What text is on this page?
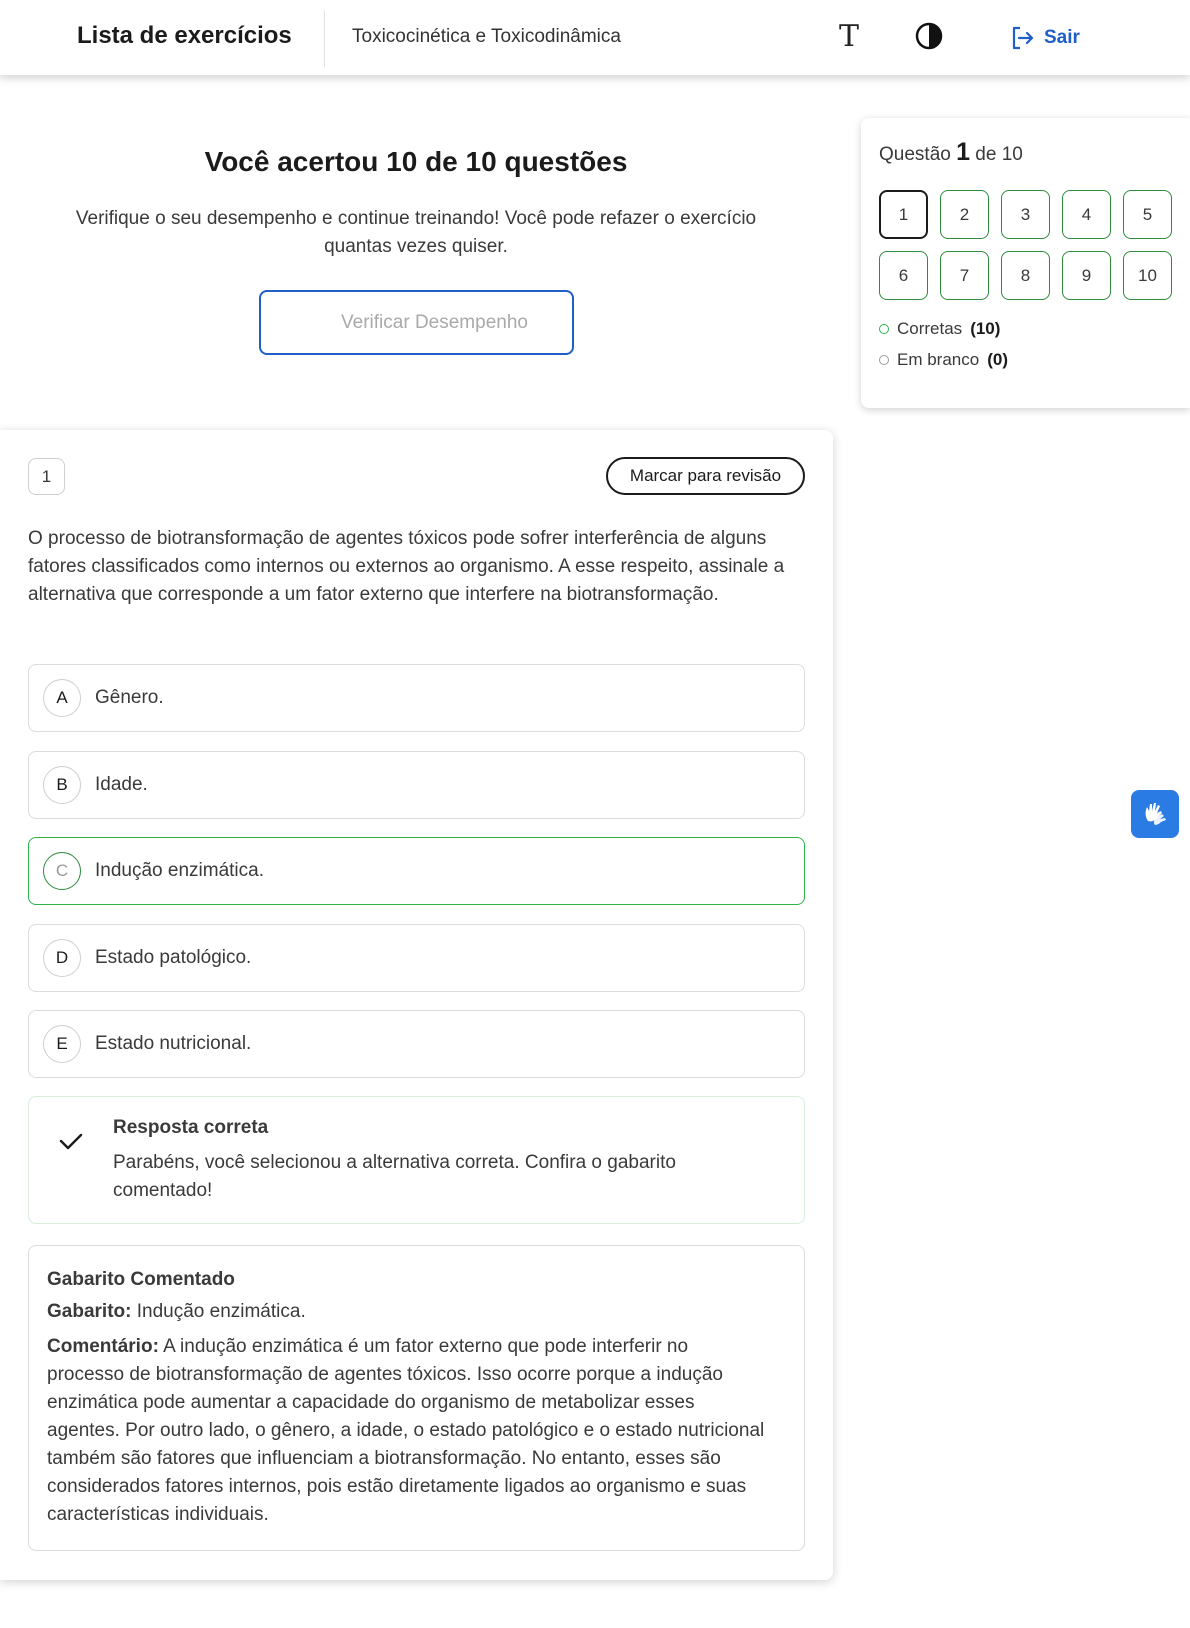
Lista de exercícios	Toxicocinética e Toxicodinâmica	T	Sair
Você acertou 10 de 10 questões
Verifique o seu desempenho e continue treinando! Você pode refazer o exercício quantas vezes quiser.
Verificar Desempenho
Questão 1 de 10
1	2	3	4	5
6	7	8	9	10
Corretas (10)
Em branco (0)
1	Marcar para revisão
O processo de biotransformação de agentes tóxicos pode sofrer interferência de alguns fatores classificados como internos ou externos ao organismo. A esse respeito, assinale a alternativa que corresponde a um fator externo que interfere na biotransformação.
A	Gênero.
B	Idade.
C	Indução enzimática.
D	Estado patológico.
E	Estado nutricional.
Resposta correta
Parabéns, você selecionou a alternativa correta. Confira o gabarito comentado!
Gabarito Comentado
Gabarito: Indução enzimática.
Comentário: A indução enzimática é um fator externo que pode interferir no processo de biotransformação de agentes tóxicos. Isso ocorre porque a indução enzimática pode aumentar a capacidade do organismo de metabolizar esses agentes. Por outro lado, o gênero, a idade, o estado patológico e o estado nutricional também são fatores que influenciam a biotransformação. No entanto, esses são considerados fatores internos, pois estão diretamente ligados ao organismo e suas características individuais.
